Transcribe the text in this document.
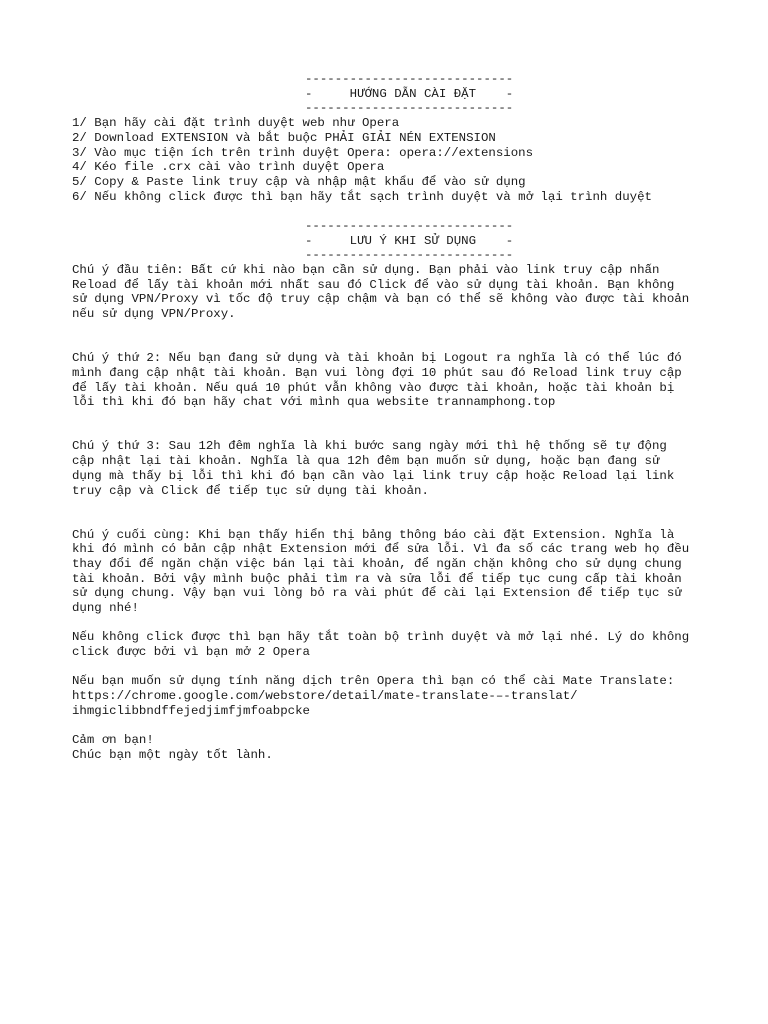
----------------------------
-     HƯỚNG DẪN CÀI ĐẶT    -
----------------------------
1/ Bạn hãy cài đặt trình duyệt web như Opera
2/ Download EXTENSION và bắt buộc PHẢI GIẢI NÉN EXTENSION
3/ Vào mục tiện ích trên trình duyệt Opera: opera://extensions
4/ Kéo file .crx cài vào trình duyệt Opera
5/ Copy & Paste link truy cập và nhập mật khẩu để vào sử dụng
6/ Nếu không click được thì bạn hãy tắt sạch trình duyệt và mở lại trình duyệt
----------------------------
-     LƯU Ý KHI SỬ DỤNG    -
----------------------------
Chú ý đầu tiên: Bất cứ khi nào bạn cần sử dụng. Bạn phải vào link truy cập nhấn
Reload để lấy tài khoản mới nhất sau đó Click để vào sử dụng tài khoản. Bạn không
sử dụng VPN/Proxy vì tốc độ truy cập chậm và bạn có thể sẽ không vào được tài khoản
nếu sử dụng VPN/Proxy.
Chú ý thứ 2: Nếu bạn đang sử dụng và tài khoản bị Logout ra nghĩa là có thể lúc đó
mình đang cập nhật tài khoản. Bạn vui lòng đợi 10 phút sau đó Reload link truy cập
để lấy tài khoản. Nếu quá 10 phút vẫn không vào được tài khoản, hoặc tài khoản bị
lỗi thì khi đó bạn hãy chat với mình qua website trannamphong.top
Chú ý thứ 3: Sau 12h đêm nghĩa là khi bước sang ngày mới thì hệ thống sẽ tự động
cập nhật lại tài khoản. Nghĩa là qua 12h đêm bạn muốn sử dụng, hoặc bạn đang sử
dụng mà thấy bị lỗi thì khi đó bạn cần vào lại link truy cập hoặc Reload lại link
truy cập và Click để tiếp tục sử dụng tài khoản.
Chú ý cuối cùng: Khi bạn thấy hiển thị bảng thông báo cài đặt Extension. Nghĩa là
khi đó mình có bản cập nhật Extension mới để sửa lỗi. Vì đa số các trang web họ đều
thay đổi để ngăn chặn việc bán lại tài khoản, để ngăn chặn không cho sử dụng chung
tài khoản. Bởi vậy mình buộc phải tìm ra và sửa lỗi để tiếp tục cung cấp tài khoản
sử dụng chung. Vậy bạn vui lòng bỏ ra vài phút để cài lại Extension để tiếp tục sử
dụng nhé!
Nếu không click được thì bạn hãy tắt toàn bộ trình duyệt và mở lại nhé. Lý do không
click được bởi vì bạn mở 2 Opera
Nếu bạn muốn sử dụng tính năng dịch trên Opera thì bạn có thể cài Mate Translate:
https://chrome.google.com/webstore/detail/mate-translate-–-translat/
ihmgiclibbndffejedjimfjmfoabpcke
Cảm ơn bạn!
Chúc bạn một ngày tốt lành.
